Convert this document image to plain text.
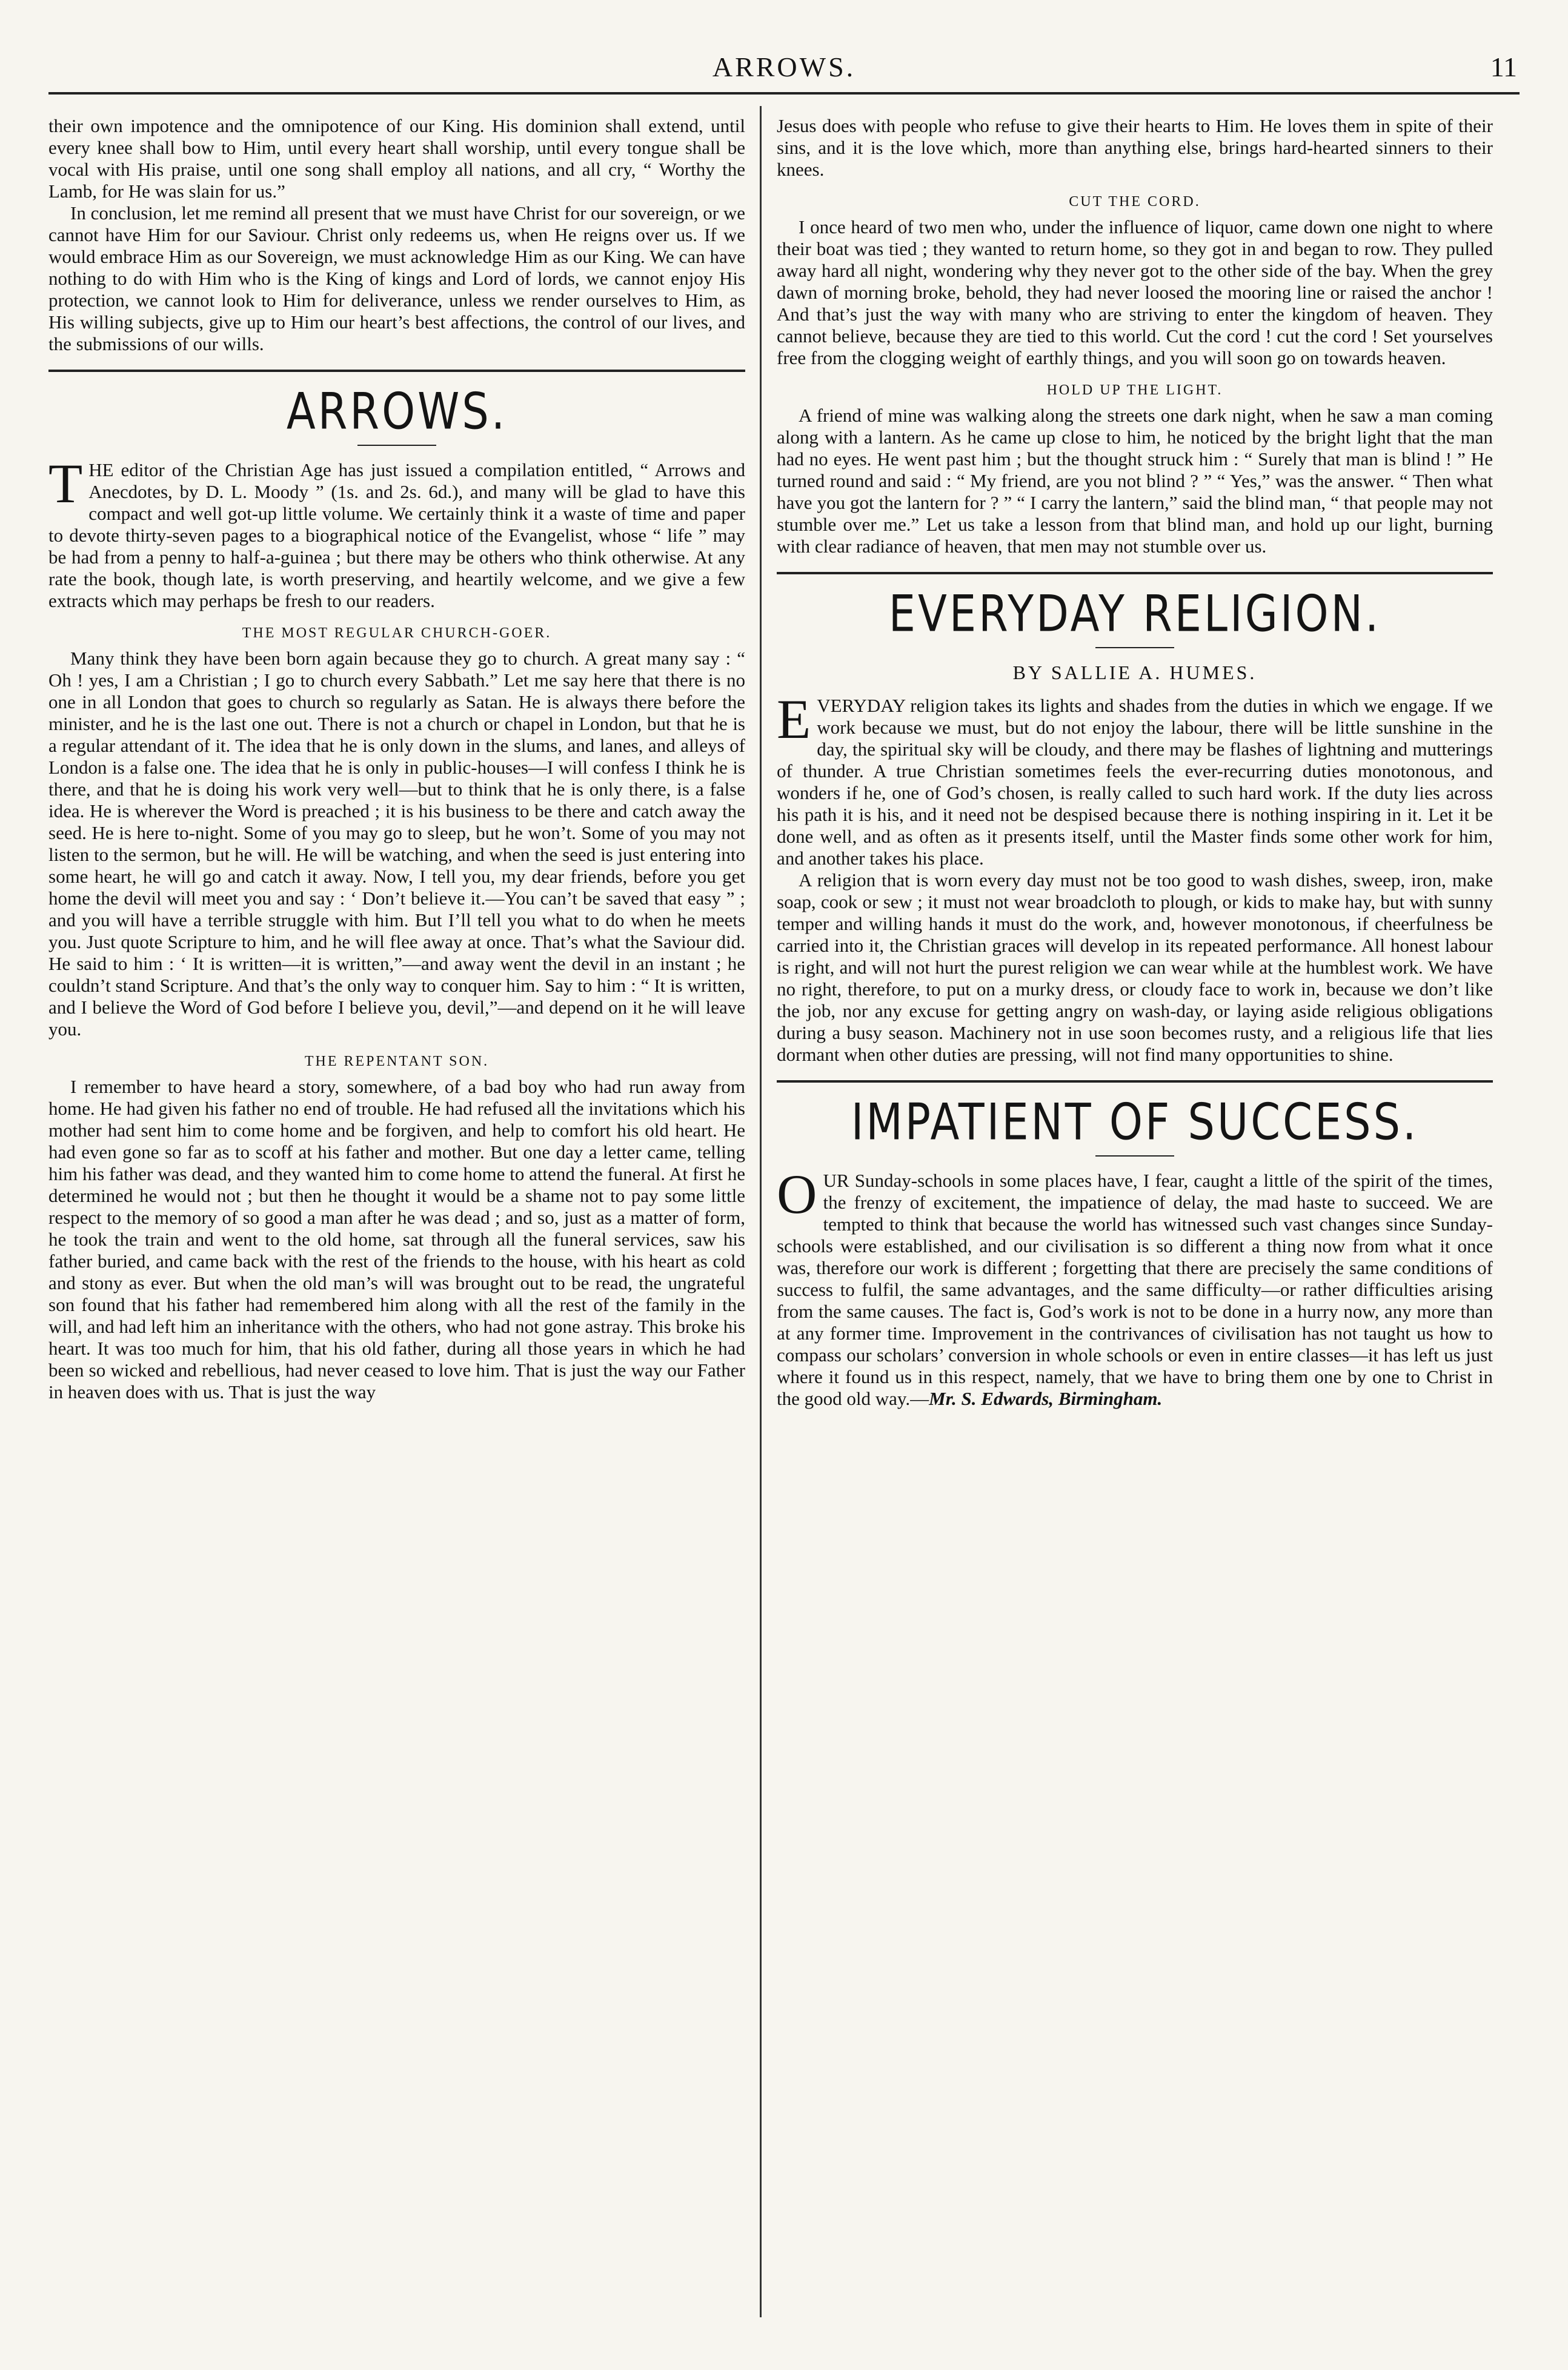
ARROWS.	11

their own impotence and the omnipotence of our King. His dominion shall extend, until every knee shall bow to Him, until every heart shall worship, until every tongue shall be vocal with His praise, until one song shall employ all nations, and all cry, “ Worthy the Lamb, for He was slain for us.”

In conclusion, let me remind all present that we must have Christ for our sovereign, or we cannot have Him for our Saviour. Christ only redeems us, when He reigns over us. If we would embrace Him as our Sovereign, we must acknowledge Him as our King. We can have nothing to do with Him who is the King of kings and Lord of lords, we cannot enjoy His protection, we cannot look to Him for deliverance, unless we render ourselves to Him, as His willing subjects, give up to Him our heart’s best affections, the control of our lives, and the submissions of our wills.

ARROWS.

THE editor of the Christian Age has just issued a compilation entitled, “ Arrows and Anecdotes, by D. L. Moody ” (1s. and 2s. 6d.), and many will be glad to have this compact and well got-up little volume. We certainly think it a waste of time and paper to devote thirty-seven pages to a biographical notice of the Evangelist, whose “ life ” may be had from a penny to half-a-guinea ; but there may be others who think otherwise. At any rate the book, though late, is worth preserving, and heartily welcome, and we give a few extracts which may perhaps be fresh to our readers.

THE MOST REGULAR CHURCH-GOER.

Many think they have been born again because they go to church. A great many say : “ Oh ! yes, I am a Christian ; I go to church every Sabbath.” Let me say here that there is no one in all London that goes to church so regularly as Satan. He is always there before the minister, and he is the last one out. There is not a church or chapel in London, but that he is a regular attendant of it. The idea that he is only down in the slums, and lanes, and alleys of London is a false one. The idea that he is only in public-houses—I will confess I think he is there, and that he is doing his work very well—but to think that he is only there, is a false idea. He is wherever the Word is preached ; it is his business to be there and catch away the seed. He is here to-night. Some of you may go to sleep, but he won’t. Some of you may not listen to the sermon, but he will. He will be watching, and when the seed is just entering into some heart, he will go and catch it away. Now, I tell you, my dear friends, before you get home the devil will meet you and say : ‘ Don’t believe it.—You can’t be saved that easy ” ; and you will have a terrible struggle with him. But I’ll tell you what to do when he meets you. Just quote Scripture to him, and he will flee away at once. That’s what the Saviour did. He said to him : ‘ It is written—it is written,”—and away went the devil in an instant ; he couldn’t stand Scripture. And that’s the only way to conquer him. Say to him : “ It is written, and I believe the Word of God before I believe you, devil,”—and depend on it he will leave you.

THE REPENTANT SON.

I remember to have heard a story, somewhere, of a bad boy who had run away from home. He had given his father no end of trouble. He had refused all the invitations which his mother had sent him to come home and be forgiven, and help to comfort his old heart. He had even gone so far as to scoff at his father and mother. But one day a letter came, telling him his father was dead, and they wanted him to come home to attend the funeral. At first he determined he would not ; but then he thought it would be a shame not to pay some little respect to the memory of so good a man after he was dead ; and so, just as a matter of form, he took the train and went to the old home, sat through all the funeral services, saw his father buried, and came back with the rest of the friends to the house, with his heart as cold and stony as ever. But when the old man’s will was brought out to be read, the ungrateful son found that his father had remembered him along with all the rest of the family in the will, and had left him an inheritance with the others, who had not gone astray. This broke his heart. It was too much for him, that his old father, during all those years in which he had been so wicked and rebellious, had never ceased to love him. That is just the way our Father in heaven does with us. That is just the way

Jesus does with people who refuse to give their hearts to Him. He loves them in spite of their sins, and it is the love which, more than anything else, brings hard-hearted sinners to their knees.

CUT THE CORD.

I once heard of two men who, under the influence of liquor, came down one night to where their boat was tied ; they wanted to return home, so they got in and began to row. They pulled away hard all night, wondering why they never got to the other side of the bay. When the grey dawn of morning broke, behold, they had never loosed the mooring line or raised the anchor ! And that’s just the way with many who are striving to enter the kingdom of heaven. They cannot believe, because they are tied to this world. Cut the cord ! cut the cord ! Set yourselves free from the clogging weight of earthly things, and you will soon go on towards heaven.

HOLD UP THE LIGHT.

A friend of mine was walking along the streets one dark night, when he saw a man coming along with a lantern. As he came up close to him, he noticed by the bright light that the man had no eyes. He went past him ; but the thought struck him : “ Surely that man is blind ! ” He turned round and said : “ My friend, are you not blind ? ” “ Yes,” was the answer. “ Then what have you got the lantern for ? ” “ I carry the lantern,” said the blind man, “ that people may not stumble over me.” Let us take a lesson from that blind man, and hold up our light, burning with clear radiance of heaven, that men may not stumble over us.

EVERYDAY RELIGION.
BY SALLIE A. HUMES.

EVERYDAY religion takes its lights and shades from the duties in which we engage. If we work because we must, but do not enjoy the labour, there will be little sunshine in the day, the spiritual sky will be cloudy, and there may be flashes of lightning and mutterings of thunder. A true Christian sometimes feels the ever-recurring duties monotonous, and wonders if he, one of God’s chosen, is really called to such hard work. If the duty lies across his path it is his, and it need not be despised because there is nothing inspiring in it. Let it be done well, and as often as it presents itself, until the Master finds some other work for him, and another takes his place.

A religion that is worn every day must not be too good to wash dishes, sweep, iron, make soap, cook or sew ; it must not wear broadcloth to plough, or kids to make hay, but with sunny temper and willing hands it must do the work, and, however monotonous, if cheerfulness be carried into it, the Christian graces will develop in its repeated performance. All honest labour is right, and will not hurt the purest religion we can wear while at the humblest work. We have no right, therefore, to put on a murky dress, or cloudy face to work in, because we don’t like the job, nor any excuse for getting angry on wash-day, or laying aside religious obligations during a busy season. Machinery not in use soon becomes rusty, and a religious life that lies dormant when other duties are pressing, will not find many opportunities to shine.

IMPATIENT OF SUCCESS.

OUR Sunday-schools in some places have, I fear, caught a little of the spirit of the times, the frenzy of excitement, the impatience of delay, the mad haste to succeed. We are tempted to think that because the world has witnessed such vast changes since Sunday-schools were established, and our civilisation is so different a thing now from what it once was, therefore our work is different ; forgetting that there are precisely the same conditions of success to fulfil, the same advantages, and the same difficulty—or rather difficulties arising from the same causes. The fact is, God’s work is not to be done in a hurry now, any more than at any former time. Improvement in the contrivances of civilisation has not taught us how to compass our scholars’ conversion in whole schools or even in entire classes—it has left us just where it found us in this respect, namely, that we have to bring them one by one to Christ in the good old way.—Mr. S. Edwards, Birmingham.
